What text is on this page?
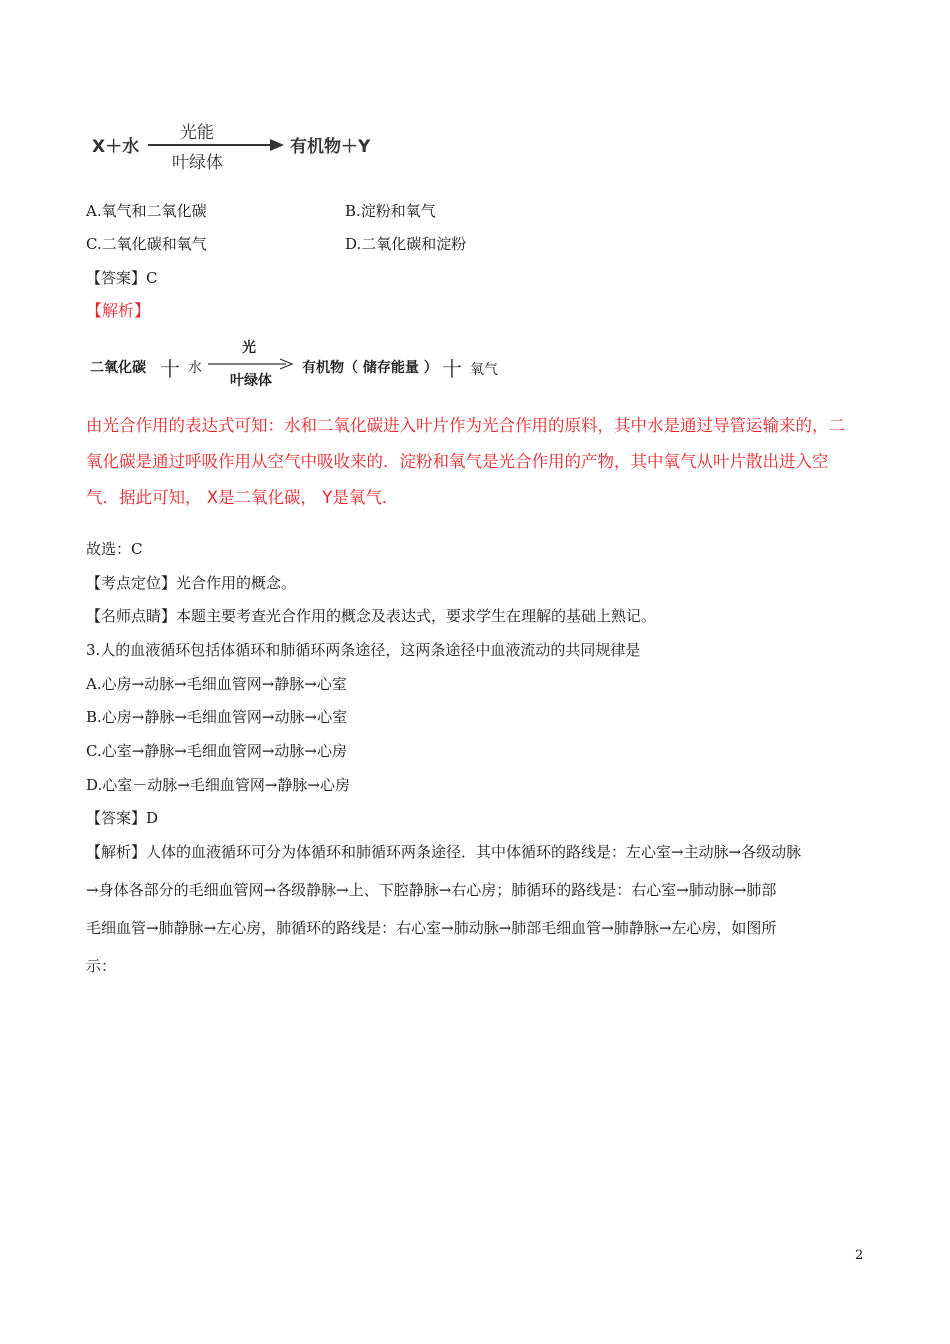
X＋水
光能
叶绿体
有机物＋Y
A.氧气和二氧化碳	B.淀粉和氧气
C.二氧化碳和氧气	D.二氧化碳和淀粉
【答案】C
【解析】
二氧化碳 十 水
光
叶绿体
有机物（ 储存能量 ） 十 氧气
由光合作用的表达式可知：水和二氧化碳进入叶片作为光合作用的原料，其中水是通过导管运输来的，二
氧化碳是通过呼吸作用从空气中吸收来的．淀粉和氧气是光合作用的产物，其中氧气从叶片散出进入空
气．据此可知， X是二氧化碳， Y是氧气．
故选：C
【考点定位】光合作用的概念。
【名师点睛】本题主要考查光合作用的概念及表达式，要求学生在理解的基础上熟记。
3.人的血液循环包括体循环和肺循环两条途径，这两条途径中血液流动的共同规律是
A.心房→动脉→毛细血管网→静脉→心室
B.心房→静脉→毛细血管网→动脉→心室
C.心室→静脉→毛细血管网→动脉→心房
D.心室－动脉→毛细血管网→静脉→心房
【答案】D
【解析】人体的血液循环可分为体循环和肺循环两条途径．其中体循环的路线是：左心室→主动脉→各级动脉
→身体各部分的毛细血管网→各级静脉→上、下腔静脉→右心房；肺循环的路线是：右心室→肺动脉→肺部
毛细血管→肺静脉→左心房，肺循环的路线是：右心室→肺动脉→肺部毛细血管→肺静脉→左心房，如图所
示：
2
